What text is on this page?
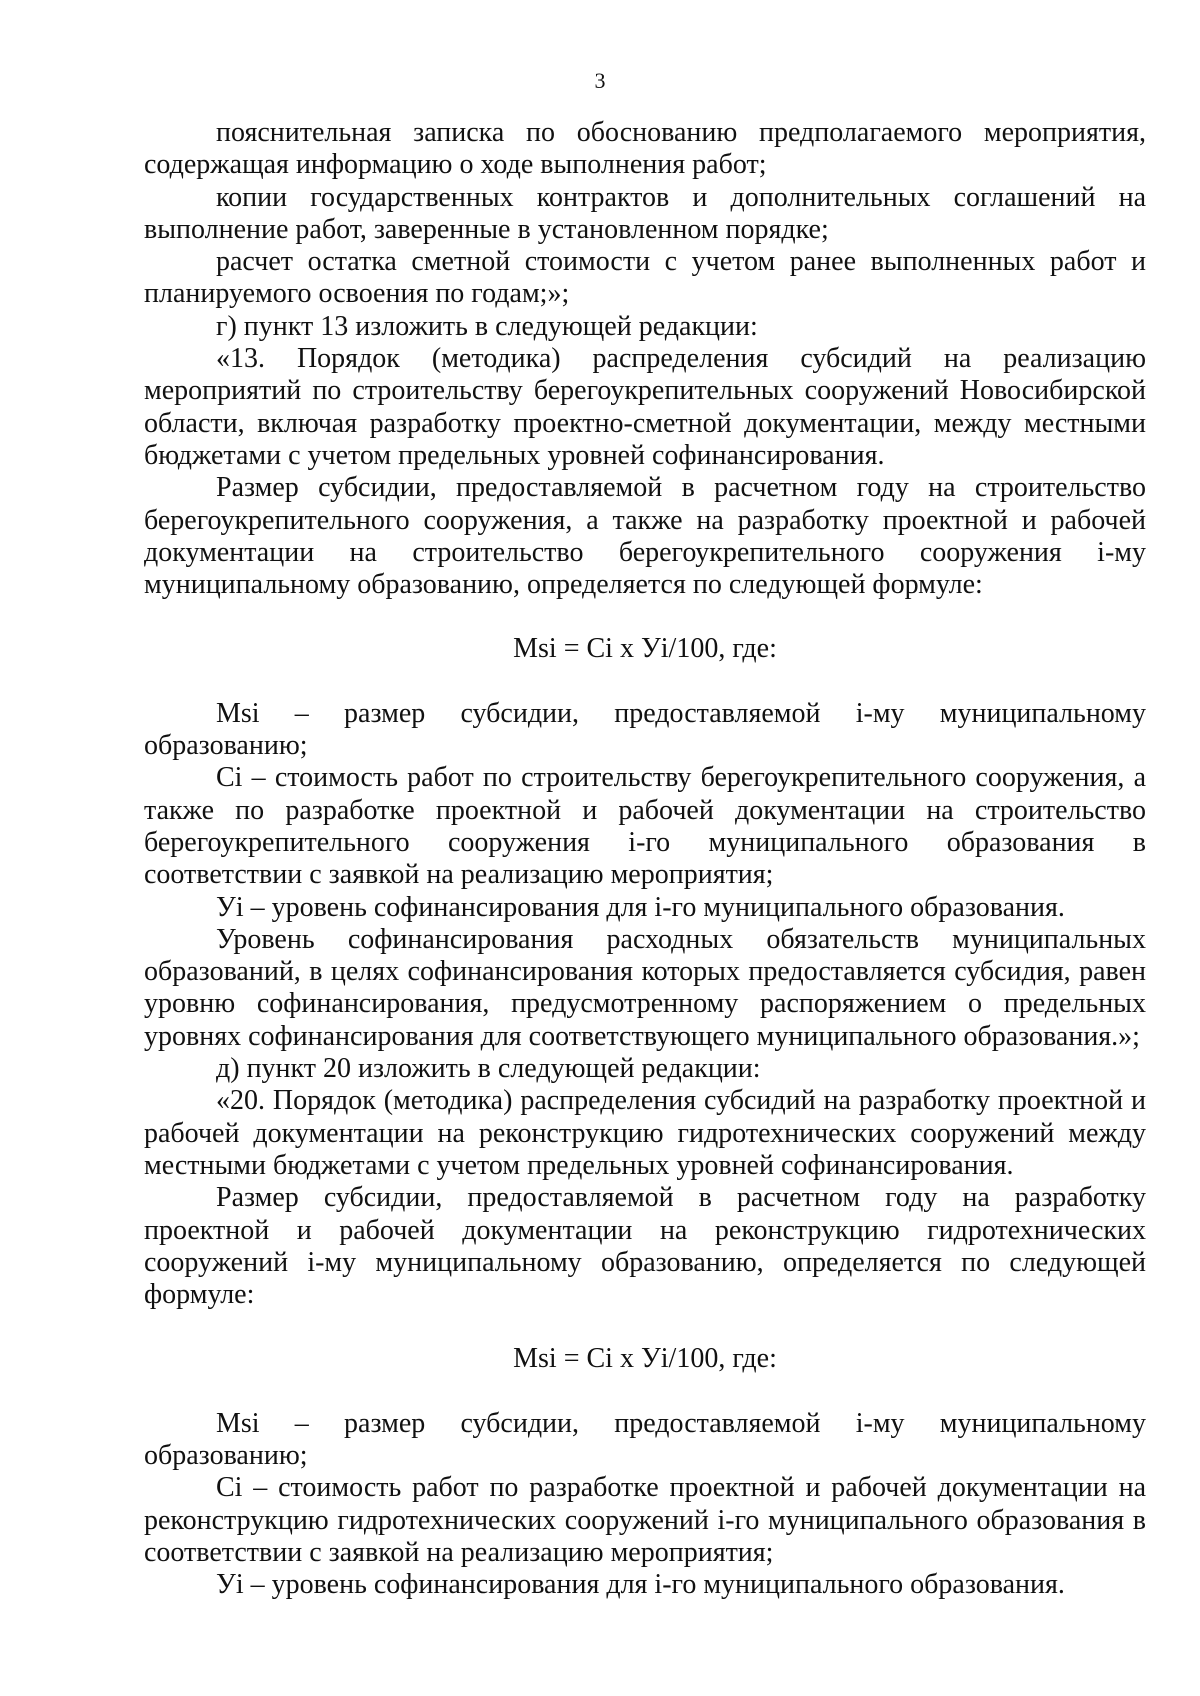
3

пояснительная записка по обоснованию предполагаемого мероприятия, содержащая информацию о ходе выполнения работ;

копии государственных контрактов и дополнительных соглашений на выполнение работ, заверенные в установленном порядке;

расчет остатка сметной стоимости с учетом ранее выполненных работ и планируемого освоения по годам;»;

г) пункт 13 изложить в следующей редакции:

«13. Порядок (методика) распределения субсидий на реализацию мероприятий по строительству берегоукрепительных сооружений Новосибирской области, включая разработку проектно-сметной документации, между местными бюджетами с учетом предельных уровней софинансирования.

Размер субсидии, предоставляемой в расчетном году на строительство берегоукрепительного сооружения, а также на разработку проектной и рабочей документации на строительство берегоукрепительного сооружения i-му муниципальному образованию, определяется по следующей формуле:

Msi = Ci x Уi/100, где:

Msi – размер субсидии, предоставляемой i-му муниципальному образованию;

Ci – стоимость работ по строительству берегоукрепительного сооружения, а также по разработке проектной и рабочей документации на строительство берегоукрепительного сооружения i-го муниципального образования в соответствии с заявкой на реализацию мероприятия;

Уi – уровень софинансирования для i-го муниципального образования.

Уровень софинансирования расходных обязательств муниципальных образований, в целях софинансирования которых предоставляется субсидия, равен уровню софинансирования, предусмотренному распоряжением о предельных уровнях софинансирования для соответствующего муниципального образования.»;

д) пункт 20 изложить в следующей редакции:

«20. Порядок (методика) распределения субсидий на разработку проектной и рабочей документации на реконструкцию гидротехнических сооружений между местными бюджетами с учетом предельных уровней софинансирования.

Размер субсидии, предоставляемой в расчетном году на разработку проектной и рабочей документации на реконструкцию гидротехнических сооружений i-му муниципальному образованию, определяется по следующей формуле:

Msi = Ci x Уi/100, где:

Msi – размер субсидии, предоставляемой i-му муниципальному образованию;

Ci – стоимость работ по разработке проектной и рабочей документации на реконструкцию гидротехнических сооружений i-го муниципального образования в соответствии с заявкой на реализацию мероприятия;

Уi – уровень софинансирования для i-го муниципального образования.
